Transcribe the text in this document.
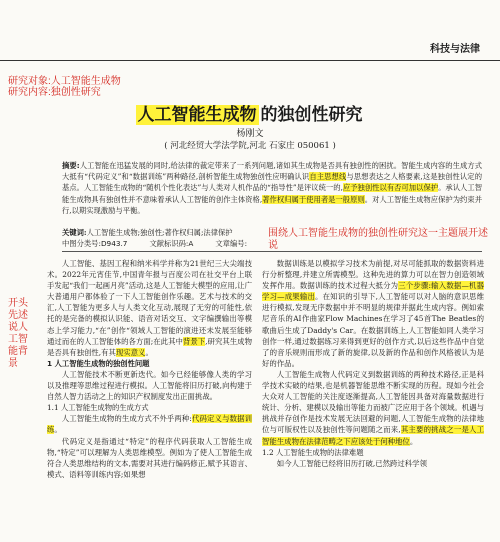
科技与法律
研究对象:人工智能生成物
研究内容:独创性研究
人工智能生成物 的独创性研究
杨刚文
( 河北经贸大学法学院,河北 石家庄 050061 )
摘要:人工智能在迅猛发展的同时,给法律的裁定带来了一系列问题,诸如其生成物是否具有独创性的困扰。智能生成内容的生成方式大抵有“代码定义”和“数据训练”两种路径,剖析智能生成物独创性应明确认识自主思想线与思想表达之人格要素,这是独创性认定的基点。人工智能生成物的“随机个性化表达”与人类对人机作品的“指导性”是评议统一的,应予独创性以有否可加以保护。承认人工智能生成物具有独创性并不意味着承认人工智能的创作主体资格,著作权归属于使用者是一般原则。对人工智能生成物应保护为约束并行,以期实现激励与平衡。
关键词:人工智能生成物;独创性;著作权归属;法律保护
中图分类号:D943.7	文献标识码:A	文章编号:
围绕人工智能生成物的独创性研究这一主题展开述说
开头先述说人工智能背景

人工智能、基因工程和纳米科学并称为21世纪三大尖端技术。2022年元宵佳节,中国青年报与百度公司在社交平台上联手发起“我们一起画月亮”活动,这是人工智能大模型的应用,让广大普通用户都体验了一下人工智能创作乐趣。艺术与技术的交汇,人工智能为更多人与人类文化互动,展现了无穷的可能性,依托的是完备的模拟认识能、语音对话交互、文字编撰输出等模态上学习能力,“在”创作“领域人工智能的演进还未发展至能够通过而在的人工智能体的各方面;在此其中背景下,研究其生成物是否具有独创性,有其现实意义。

1 人工智能生成物的独创性问题

人工智能技术不断更新迭代。如今已经能够像人类的学习以及推理等思维过程进行模拟。人工智能将旧历打破,向构建于自然人智力活动之上的知识产权制度发出正面挑战。

1.1 人工智能生成物的生成方式

人工智能生成物的生成方式不外乎两种:代码定义与数据训练。

代码定义是指通过“特定”的程序代码获取人工智能生成物,“特定”可以理解为人类思维模型。例如为了使人工智能生成符合人类思维结构的文本,需要对其进行编码修正,赋予其语言、模式、语料等训练内容;如果想

数据训练是以模拟学习技术为前提,对尽可能抓取的数据资料进行分析整理,并建立所需模型。这种先进的算力可以在智力创造领域发挥作用。数据训练的技术过程大抵分为三个步骤:输入数据—机器学习—成果输出。在知识的引导下,人工智能可以对人脑的意识思维进行模拟,发现无序数据中并不明显的规律并据此生成内容。例如索尼音乐的AI作曲家Flow Machines在学习了45首The Beatles的歌曲后生成了Daddy's Car。在数据训练上,人工智能如同人类学习创作一样,通过数据练习来得到更好的创作方式,以后这些作品中自觉了的音乐规则而形成了新的旋律,以及新的作品和创作风格被认为是好的作品。

人工智能生成物人代码定义到数据训练的两种技术路径,正是科学技术实破的结果,也是机器智能思维不断实现的历程。现如今社会大众对人工智能的关注度逐渐提高,人工智能因具备对海量数据进行统计、分析、建模以及输出等能力而被广泛应用于各个领域。机遇与挑战并存创作是技术发展无法回避的问题,人工智能生成物的法律地位与可版权性以及独创性等问题随之而来,其主要的挑战之一是人工智能生成物在法律范畴之下应该处于何种地位。

1.2 人工智能生成物的法律难题

如今人工智能已经将旧历打破,已然跨过科学领
